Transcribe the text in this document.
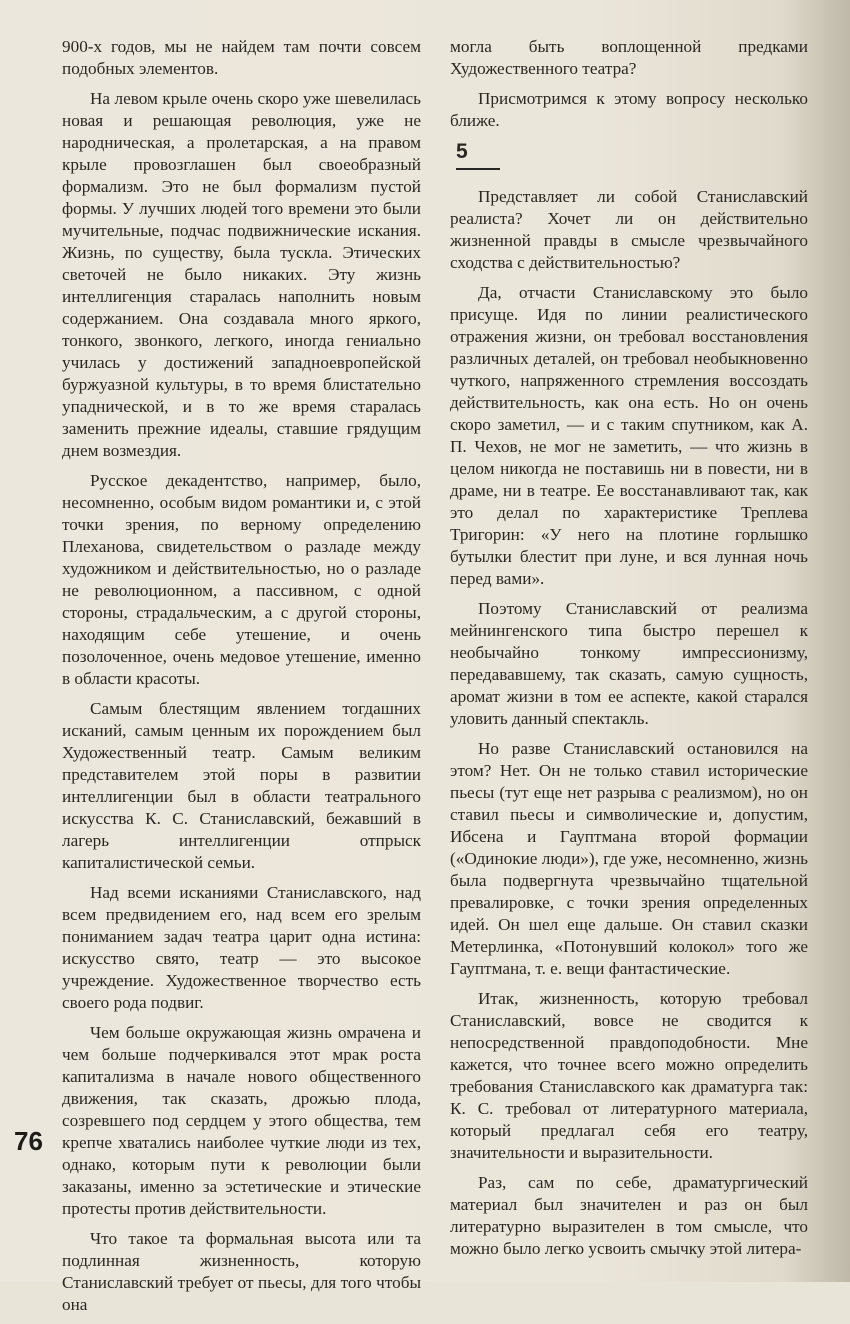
900-х годов, мы не найдем там почти совсем подобных элементов.

На левом крыле очень скоро уже шевелилась новая и решающая революция, уже не народническая, а пролетарская, а на правом крыле провозглашен был своеобразный формализм. Это не был формализм пустой формы. У лучших людей того времени это были мучительные, подчас подвижнические искания. Жизнь, по существу, была тускла. Этических светочей не было никаких. Эту жизнь интеллигенция старалась наполнить новым содержанием. Она создавала много яркого, тонкого, звонкого, легкого, иногда гениально училась у достижений западноевропейской буржуазной культуры, в то время блистательно упаднической, и в то же время старалась заменить прежние идеалы, ставшие грядущим днем возмездия.

Русское декадентство, например, было, несомненно, особым видом романтики и, с этой точки зрения, по верному определению Плеханова, свидетельством о разладе между художником и действительностью, но о разладе не революционном, а пассивном, с одной стороны, страдальческим, а с другой стороны, находящим себе утешение, и очень позолоченное, очень медовое утешение, именно в области красоты.

Самым блестящим явлением тогдашних исканий, самым ценным их порождением был Художественный театр. Самым великим представителем этой поры в развитии интеллигенции был в области театрального искусства К. С. Станиславский, бежавший в лагерь интеллигенции отпрыск капиталистической семьи.

Над всеми исканиями Станиславского, над всем предвидением его, над всем его зрелым пониманием задач театра царит одна истина: искусство свято, театр — это высокое учреждение. Художественное творчество есть своего рода подвиг.

Чем больше окружающая жизнь омрачена и чем больше подчеркивался этот мрак роста капитализма в начале нового общественного движения, так сказать, дрожью плода, созревшего под сердцем у этого общества, тем крепче хватались наиболее чуткие люди из тех, однако, которым пути к революции были заказаны, именно за эстетические и этические протесты против действительности.

Что такое та формальная высота или та подлинная жизненность, которую Станиславский требует от пьесы, для того чтобы она

могла быть воплощенной предками Художественного театра?

Присмотримся к этому вопросу несколько ближе.

5

Представляет ли собой Станиславский реалиста? Хочет ли он действительно жизненной правды в смысле чрезвычайного сходства с действительностью?

Да, отчасти Станиславскому это было присуще. Идя по линии реалистического отражения жизни, он требовал восстановления различных деталей, он требовал необыкновенно чуткого, напряженного стремления воссоздать действительность, как она есть. Но он очень скоро заметил, — и с таким спутником, как А. П. Чехов, не мог не заметить, — что жизнь в целом никогда не поставишь ни в повести, ни в драме, ни в театре. Ее восстанавливают так, как это делал по характеристике Треплева Тригорин: «У него на плотине горлышко бутылки блестит при луне, и вся лунная ночь перед вами».

Поэтому Станиславский от реализма мейнингенского типа быстро перешел к необычайно тонкому импрессионизму, передававшему, так сказать, самую сущность, аромат жизни в том ее аспекте, какой старался уловить данный спектакль.

Но разве Станиславский остановился на этом? Нет. Он не только ставил исторические пьесы (тут еще нет разрыва с реализмом), но он ставил пьесы и символические и, допустим, Ибсена и Гауптмана второй формации («Одинокие люди»), где уже, несомненно, жизнь была подвергнута чрезвычайно тщательной превалировке, с точки зрения определенных идей. Он шел еще дальше. Он ставил сказки Метерлинка, «Потонувший колокол» того же Гауптмана, т. е. вещи фантастические.

Итак, жизненность, которую требовал Станиславский, вовсе не сводится к непосредственной правдоподобности. Мне кажется, что точнее всего можно определить требования Станиславского как драматурга так: К. С. требовал от литературного материала, который предлагал себя его театру, значительности и выразительности.

Раз, сам по себе, драматургический материал был значителен и раз он был литературно выразителен в том смысле, что можно было легко усвоить смычку этой литера-

76
